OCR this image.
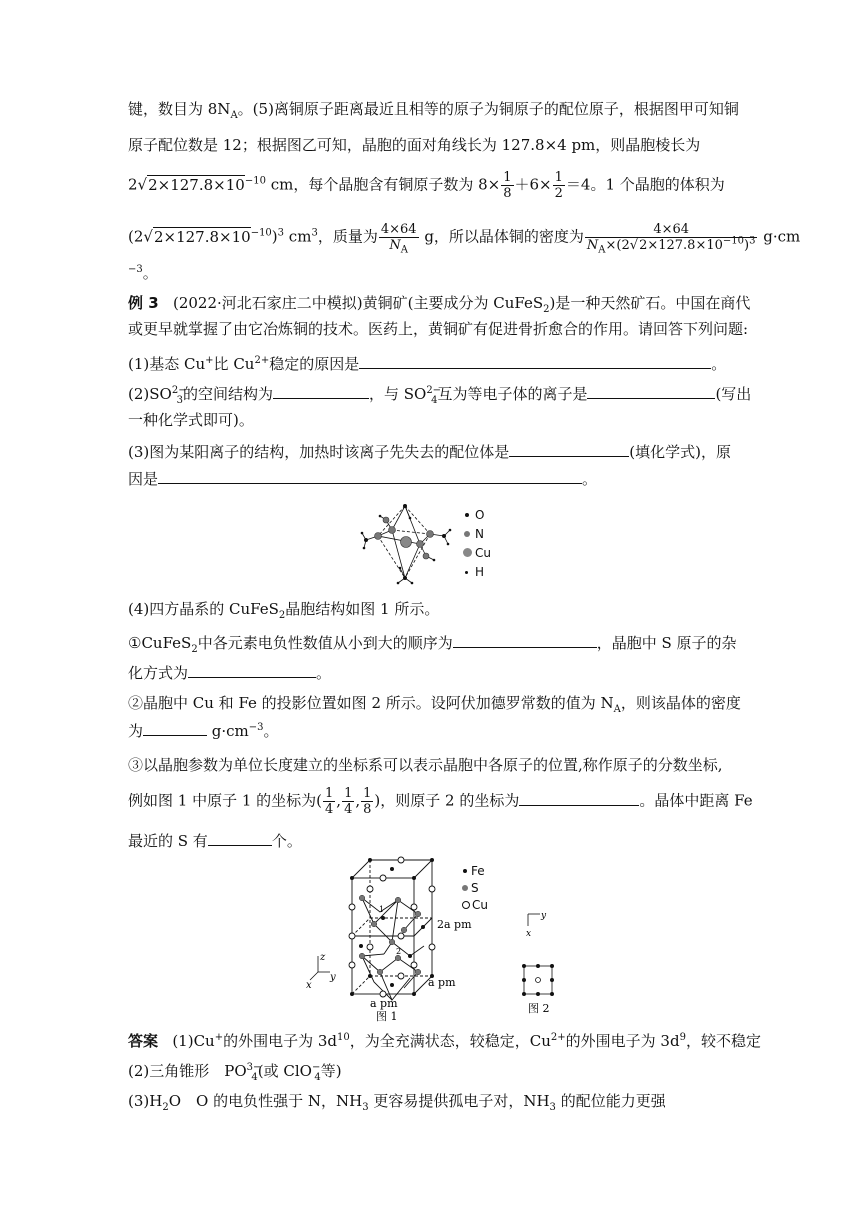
键，数目为 $8N_A$。(5)离铜原子距离最近且相等的原子为铜原子的配位原子，根据图甲可知铜
原子配位数是 12；根据图乙可知，晶胞的面对角线长为 127.8×4 pm，则晶胞棱长为
$2√2\times 127.8\times 10^{-10}$ cm，每个晶胞含有铜原子数为 $8\times \frac{1}{8} +6\times \frac{1}{2} =4$。1 个晶胞的体积为
$(2√2\times 127.8\times 10^{-10})^3$ $cm^3$，质量为 $\frac{4\times 64}{N_A}$ g，所以晶体铜的密度为 $\frac{4\times 64}{N_A\times(2√2\times 127.8\times 10^{-10})^3} g\cdot cm$
$^{-3}$。
例 3 (2022·河北石家庄二中模拟)黄铜矿(主要成分为 CuFeS$_2$)是一种天然矿石。中国在商代
或更早就掌握了由它冶炼铜的技术。医药上，黄铜矿有促进骨折愈合的作用。请回答下列问题:
(1)基态 Cu+比 $Cu^{2+}$稳定的原因是	。
$(2)SO^{2-}_3$的空间结构为	，与 $SO^{2-}_4$互为等电子体的离子是	(写出
一种化学式即可)。
(3)图为某阳离子的结构，加热时该离子先失去的配位体是	(填化学式)，原
因是	。
O
N
Cu
H
(4)四方晶系的 CuFeS$_2$晶胞结构如图 1 所示。
①CuFeS$_2$中各元素电负性数值从小到大的顺序为	，晶胞中 S 原子的杂
化方式为	。
②晶胞中 Cu 和 Fe 的投影位置如图 2 所示。设阿伏加德罗常数的值为 $N_A$，则该晶体的密度
为	$g\cdot cm^{-3}$。
③以晶胞参数为单位长度建立的坐标系可以表示晶胞中各原子的位置,称作原子的分数坐标,
例如图 1 中原子 1 的坐标为( $\frac{1}{4}$ , $\frac{1}{4}$ , $\frac{1}{8}$ )，则原子 2 的坐标为	。晶体中距离 Fe
最近的 S 有	个。
1
2
z
y
x
2a pm
a pm
a pm
图 1
Fe
S
Cu
y
x
图 2
答案 (1)Cu+的外围电子为 $3d^{10}$，为全充满状态，较稳定，$Cu^{2+}$的外围电子为 $3d^9$，较不稳定
(2)三角锥形　$PO^{3-}_4$(或 ClO−$_4$等)
$(3)H_2O$　O 的电负性强于 N，$NH_3$ 更容易提供孤电子对，$NH_3$ 的配位能力更强
